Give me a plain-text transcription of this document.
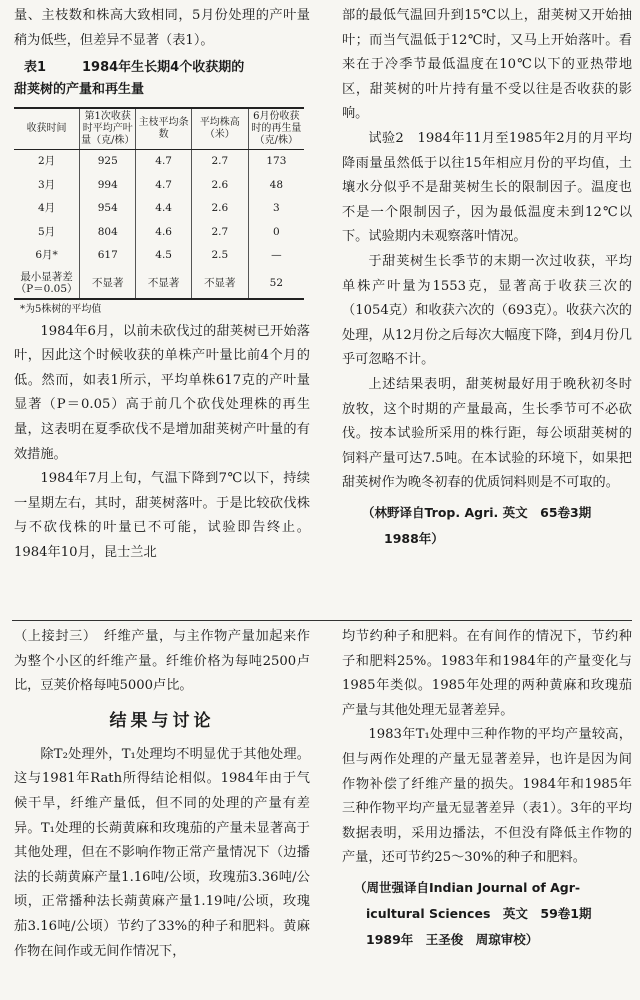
量、主枝数和株高大致相同，5月份处理的产叶量稍为低些，但差异不显著（表1）。

表1	1984年生长期4个收获期的
甜荚树的产量和再生量
收获时间	第1次收获时平均产叶量（克/株）	主枝平均条数	平均株高（米）	6月份收获时的再生量（克/株）
2月	925	4.7	2.7	173
3月	994	4.7	2.6	48
4月	954	4.4	2.6	3
5月	804	4.6	2.7	0
6月*	617	4.5	2.5	—
最小显著差（P＝0.05）	不显著	不显著	不显著	52
*为5株树的平均值

1984年6月，以前未砍伐过的甜荚树已开始落叶，因此这个时候收获的单株产叶量比前4个月的低。然而，如表1所示，平均单株617克的产叶量显著（P＝0.05）高于前几个砍伐处理株的再生量，这表明在夏季砍伐不是增加甜荚树产叶量的有效措施。

1984年7月上旬，气温下降到7℃以下，持续一星期左右，其时，甜荚树落叶。于是比较砍伐株与不砍伐株的叶量已不可能，试验即告终止。1984年10月，昆士兰北

部的最低气温回升到15℃以上，甜荚树又开始抽叶；而当气温低于12℃时，又马上开始落叶。看来在于冷季节最低温度在10℃以下的亚热带地区，甜荚树的叶片持有量不受以往是否收获的影响。

试验2　1984年11月至1985年2月的月平均降雨量虽然低于以往15年相应月份的平均值，土壤水分似乎不是甜荚树生长的限制因子。温度也不是一个限制因子，因为最低温度未到12℃以下。试验期内未观察落叶情况。

于甜荚树生长季节的末期一次过收获，平均单株产叶量为1553克，显著高于收获三次的（1054克）和收获六次的（693克）。收获六次的处理，从12月份之后每次大幅度下降，到4月份几乎可忽略不计。

上述结果表明，甜荚树最好用于晚秋初冬时放牧，这个时期的产量最高，生长季节可不必砍伐。按本试验所采用的株行距，每公顷甜荚树的饲料产量可达7.5吨。在本试验的环境下，如果把甜荚树作为晚冬初春的优质饲料则是不可取的。

（林野译自Trop. Agri. 英文　65卷3期
1988年）

（上接封三）　纤维产量，与主作物产量加起来作为整个小区的纤维产量。纤维价格为每吨2500卢比，豆荚价格每吨5000卢比。

结果与讨论

除T₂处理外，T₁处理均不明显优于其他处理。这与1981年Rath所得结论相似。1984年由于气候干旱，纤维产量低，但不同的处理的产量有差异。T₁处理的长蒴黄麻和玫瑰茄的产量未显著高于其他处理，但在不影响作物正常产量情况下（边播法的长蒴黄麻产量1.16吨/公顷，玫瑰茄3.36吨/公顷，正常播种法长蒴黄麻产量1.19吨/公顷，玫瑰茄3.16吨/公顷）节约了33%的种子和肥料。黄麻作物在间作或无间作情况下，

均节约种子和肥料。在有间作的情况下，节约种子和肥料25%。1983年和1984年的产量变化与1985年类似。1985年处理的两种黄麻和玫瑰茄产量与其他处理无显著差异。

1983年T₁处理中三种作物的平均产量较高，但与两作处理的产量无显著差异，也许是因为间作物补偿了纤维产量的损失。1984年和1985年三种作物平均产量无显著差异（表1）。3年的平均数据表明，采用边播法，不但没有降低主作物的产量，还可节约25～30%的种子和肥料。

（周世强译自Indian Journal of Agr-
icultural Sciences　英文　59卷1期
1989年　王圣俊　周琼审校）
